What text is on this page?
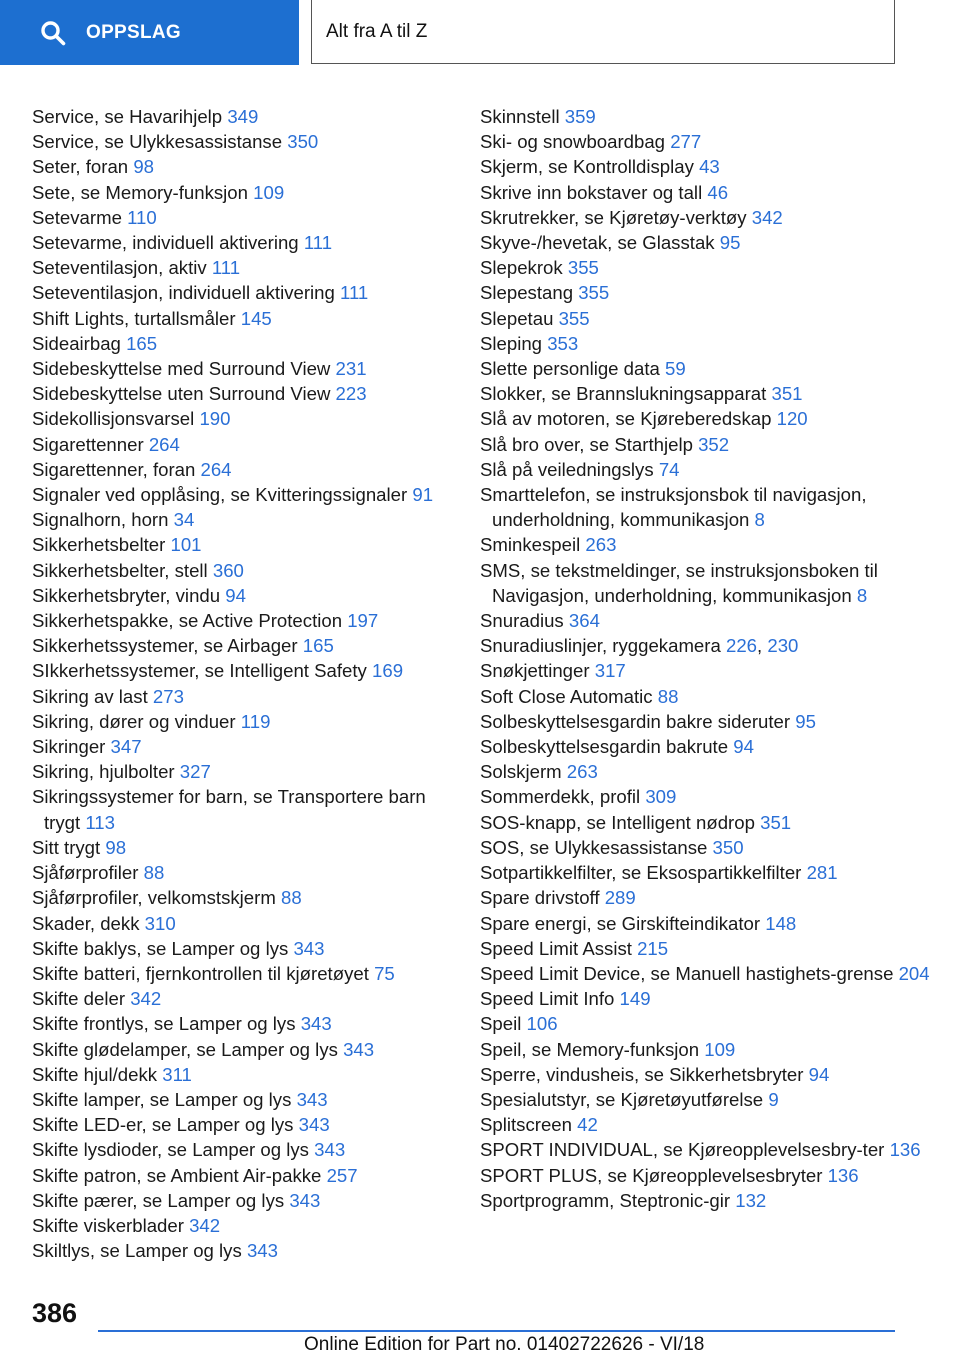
OPPSLAG	Alt fra A til Z
Service, se Havarihjelp 349
Service, se Ulykkesassistanse 350
Seter, foran 98
Sete, se Memory-funksjon 109
Setevarme 110
Setevarme, individuell aktivering 111
Seteventilasjon, aktiv 111
Seteventilasjon, individuell aktivering 111
Shift Lights, turtallsmåler 145
Sideairbag 165
Sidebeskyttelse med Surround View 231
Sidebeskyttelse uten Surround View 223
Sidekollisjonsvarsel 190
Sigarettenner 264
Sigarettenner, foran 264
Signaler ved opplåsing, se Kvitteringssignaler 91
Signalhorn, horn 34
Sikkerhetsbelter 101
Sikkerhetsbelter, stell 360
Sikkerhetsbryter, vindu 94
Sikkerhetspakke, se Active Protection 197
Sikkerhetssystemer, se Airbager 165
SIkkerhetssystemer, se Intelligent Safety 169
Sikring av last 273
Sikring, dører og vinduer 119
Sikringer 347
Sikring, hjulbolter 327
Sikringssystemer for barn, se Transportere barn trygt 113
Sitt trygt 98
Sjåførprofiler 88
Sjåførprofiler, velkomstskjerm 88
Skader, dekk 310
Skifte baklys, se Lamper og lys 343
Skifte batteri, fjernkontrollen til kjøretøyet 75
Skifte deler 342
Skifte frontlys, se Lamper og lys 343
Skifte glødelamper, se Lamper og lys 343
Skifte hjul/dekk 311
Skifte lamper, se Lamper og lys 343
Skifte LED-er, se Lamper og lys 343
Skifte lysdioder, se Lamper og lys 343
Skifte patron, se Ambient Air-pakke 257
Skifte pærer, se Lamper og lys 343
Skifte viskerblader 342
Skiltlys, se Lamper og lys 343
Skinnstell 359
Ski- og snowboardbag 277
Skjerm, se Kontrolldisplay 43
Skrive inn bokstaver og tall 46
Skrutrekker, se Kjøretøy-verktøy 342
Skyve-/hevetak, se Glasstak 95
Slepekrok 355
Slepestang 355
Slepetau 355
Sleping 353
Slette personlige data 59
Slokker, se Brannslukningsapparat 351
Slå av motoren, se Kjøreberedskap 120
Slå bro over, se Starthjelp 352
Slå på veiledningslys 74
Smarttelefon, se instruksjonsbok til navigasjon, underholdning, kommunikasjon 8
Sminkespeil 263
SMS, se tekstmeldinger, se instruksjonsboken til Navigasjon, underholdning, kommunikasjon 8
Snuradius 364
Snuradiuslinjer, ryggekamera 226, 230
Snøkjettinger 317
Soft Close Automatic 88
Solbeskyttelsesgardin bakre sideruter 95
Solbeskyttelsesgardin bakrute 94
Solskjerm 263
Sommerdekk, profil 309
SOS-knapp, se Intelligent nødrop 351
SOS, se Ulykkesassistanse 350
Sotpartikkelfilter, se Eksospartikkelfilter 281
Spare drivstoff 289
Spare energi, se Girskifteindikator 148
Speed Limit Assist 215
Speed Limit Device, se Manuell hastighets-grense 204
Speed Limit Info 149
Speil 106
Speil, se Memory-funksjon 109
Sperre, vindusheis, se Sikkerhetsbryter 94
Spesialutstyr, se Kjøretøyutførelse 9
Splitscreen 42
SPORT INDIVIDUAL, se Kjøreopplevelsesbry-ter 136
SPORT PLUS, se Kjøreopplevelsesbryter 136
Sportprogramm, Steptronic-gir 132
386
Online Edition for Part no. 01402722626 - VI/18
